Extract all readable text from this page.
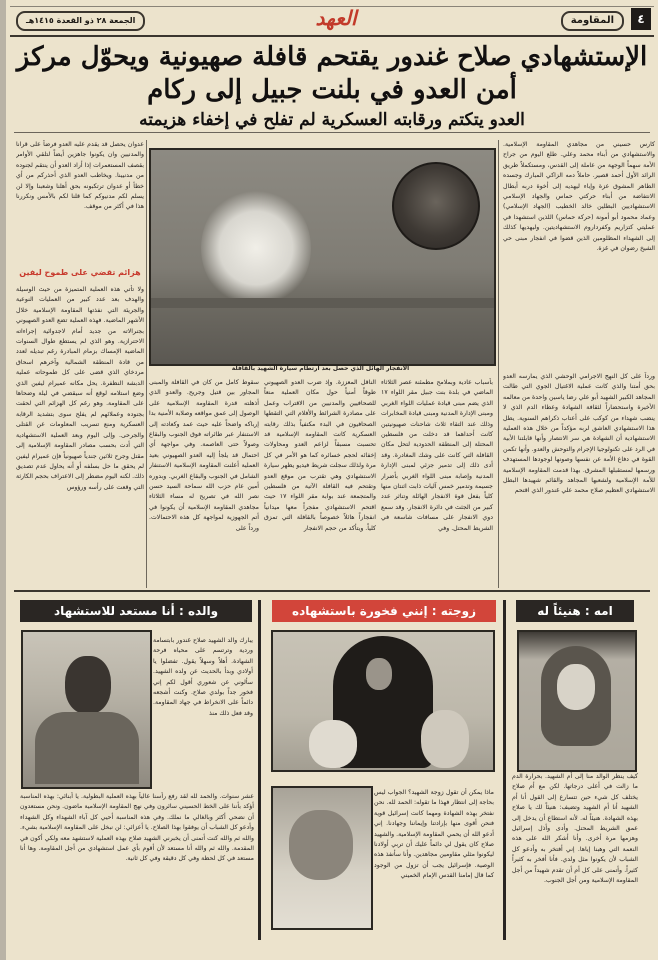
٤
المقاومة
العهد
الجمعة ٢٨ ذو القعدة ١٤١٥هـ
الإستشهادي صلاح غندور يقتحم قافلة صهيونية ويحوّل مركز
أمن العدو في بلنت جبيل إلى ركام
العدو يتكتم ورقابته العسكرية لم تفلح في إخفاء هزيمته
عدوان يحصل قد يقدم عليه العدو فرضاً على قرانا والمدنيين وان يكونوا جاهزين أيضاً لتلقي الأوامر بقصف المستعمرات إذا أراد العدو أن ينتقم لجنوده من مدنيينا. ويخاطب العدو الذي أحذركم من أي خطأ أو عدوان ترتكبونه بحق أهلنا وشعبنا وإلا لن يسلم لكم مدنيوكم كما قلنا لكم بالأمس ونكررنا هذا في أكثر من موقف.
هزائم تقضي على طموح ليفين
ولا تأتي هذه العملية المتميزة من حيث الوسيلة والهدف بعد عدد كبير من العمليات النوعية والجريئة التي نفذتها المقاومة الإسلامية خلال الأشهر الماضية. فهذه العملية تضع العدو الصهيوني بجنرالاته من جديد أمام لاجدوائية إجراءاته الاحترازية. وهو الذي لم يستطع طوال السنوات الماضية الإمساك بزمام المبادرة رغم تبديله لعدد من قادة المنطقة الشمالية وآخرهم اسحاق مردخاي الذي قضى على كل طموحاته عملية الدبشة النظفرة. يحل مكانه عميرام ليفين الذي وضع استلامه لوقع أنه سيقضي في ليلة وضحاها على المقاومة. وهو رغم كل الهزائم التي لحقت بجنوده وعملائهم لم يفلح سوى بتشديد الرقابة العسكرية ومنع تسريب المعلومات عن القتلى والجرحى. وإلى اليوم وبعد العملية الاستشهادية التي أدت بحسب مصادر المقاومة الإسلامية إلى مقتل وجرح ثلاثين جندياً صهيونياً فإن عميرام ليفين لم يحقق ما حل بسلفه أو أنه يحاول عدم تصديق ذلك. لكنه اليوم مضطر إلى الاعتراف بحجم الكارثة التي وقعت على رأسه ورؤوس
الانفجار الهائل الذي حصل بعد ارتطام سيارة الشهيد بالقافلة
كارس حسيني من مجاهدي المقاومة الإسلامية. والاستشهادي من أبناء محمد وعلي. طلع اليوم من جراح الأمة سهماً الوجهة من عاملة إلى القدس، ومستكملاً طريق الرائد الأول أحمد قصير. حاملاً دمه الزاكي المبارك وجسده الطاهر المشوق عزة وإباء ليهديه إلى أخوة دربه أبطال الانتفاضة من أبناء حركتي حماس والجهاد الإسلامي الاستشهاديين البطلين خالد الخطيب (الجهاد الإسلامي) وعماد محمود أبو أمونة (حركة حماس) اللذين استشهدا في عمليتي كتزاريم وكفرداروم الاستشهاديتين. وليهديها كذلك إلى الشهداء المظلومين الذين قضوا في انفجار مبنى حي الشيخ رضوان في غزة.
ورداً على كل النهج الاجرامي الوحشي الذي يمارسه العدو بحق أمتنا والذي كانت عملية الاغتيال الجوي التي طالت المجاهد الكبير الشهيد أبو علي رضا ياسين واحدة من معالمه الأخيرة واستحضاراً لثقافة الشهادة وعطاء الدم الذي لا ينضب شهداء من كوكب على أعتاب ذكراهم السنوية. يطل هذا الاستشهادي العاشق لربه مؤكداً من خلال هذه العملية الاستشهادية أن الشهادة هي سر الانتصار وأنها قابلتنا الأبية في الرد على تكنولوجيا الإجرام والتوحش والعدو. وأنها تكمن القوة في دفاع الأمة عن نفسها وصونها لوجودها المستهدف ورسمها لمستقبلها المشرق. بهذا قدمت المقاومة الإسلامية للأمة الإسلامية ولشعبها المجاهد والقائم شهيدها البطل الاستشهادي العظيم صلاح محمد علي غندور الذي اقتحم
بأسباب عادية وبملامح مطمئنة عصر الثلاثاء الماضي في بلدة بنت جبيل مقر اللواء ١٧ الذي يضم مبنى قيادة عمليات اللواء الغربي ومبنى الإدارة المدنية ومبنى قيادة المخابرات وذلك عند التقاء ثلاث شاحنات صهيونيتين كانت أحداهما قد دخلت من فلسطين المحتلة إلى المنطقة الحدودية لتحل مكان القافلة التي كانت على وشك المغادرة. وقد أدى ذلك إلى تدمير جزئي لمبنى الإدارة المدنية وإصابة مبنى اللواء الغربي بأضرار جسيمة وتدمير خمس آليات ذابت اثنتان منها كلياً بفعل قوة الانفجار الهائلة وتناثر عدد كبير من الجثث في دائرة الانفجار. وقد سمع دوي الانفجار على مسافات شاسعة في الشريط المحتل. وفي
الناقل المعززة. وإذ ضرب العدو الصهيوني طوقاً أمنياً حول مكان العملية منعاً للصحافيين والمدنيين من الاقتراب وعمل على مصادرة الشرائط والأفلام التي التقطها الصحافيون في البدء مكتفياً بذلك رقابته العسكرية كانت المقاومة الإسلامية قد تحسبت مسبقاً لزاعم العدو ومحاولات إخفائه لحجم خسائره كما هو الأمر في كل مرة ولذلك سجلت شريط فيديو يظهر سيارة الاستشهادي وهي تقترب من موقع العدو وتقتحم فيه القافلة الآتية من فلسطين والمتجمعة عند بوابة مقر اللواء ١٧ حيث اقتحم الاستشهادي مفجراً معها ميدانياً انفجاراً هائلاً خصوصاً بالقافلة التي تمزق كلياً. ويتأكد من حجم الانفجار
سقوط كامل من كان في القافلة والمبنى المجاور بين قتيل وجريح. والعدو الذي أذهلته قدرة المقاومة الإسلامية على الوصول إلى عمق مواقعه وصلابة الأمنية بدا إرباكه واضحاً عليه حيث عمد وكعادته إلى الاستنفار عبر طائراته فوق الجنوب والبقاع وصولاً حتى العاصمة. وفي مواجهة أي احتمال قد يلجأ إليه العدو الصهيوني بعيد العملية أعلنت المقاومة الإسلامية الاستنفار الشامل في الجنوب والبقاع الغربي. وبدوره أمين عام حزب الله سماحة السيد حسن نصر الله في تصريح له مساء الثلاثاء مجاهدي المقاومة الإسلامية أن يكونوا في أتم الجهوزية لمواجهة كل هذه الاحتمالات. ورداً على
والده : أنا مستعد للاستشهاد
يبارك والد الشهيد صلاح غندور بابتسامة وردية وترتسم على محياه فرحة الشهادة. أهلاً وسهلاً يقول. تفضلوا يا أولادي وبدأ بالحديث عن ولده الشهيد. سألوني عن شعوري أقول لكم إني فخور جداً بولدي صلاح. وكنت أشجعه دائماً على الانخراط في جهاد المقاومة. وقد فعل ذلك منذ
عشر سنوات. والحمد لله لقد رفع رأسنا عالياً بهذه العملية البطولية. يا أبنائي: بهذه المناسبة أؤكد بأننا على الخط الحسيني سائرون وفي نهج المقاومة الإسلامية ماضون. ونحن مستعدون أن نضحي أكثر وبالغالي ما نملك. وفي هذه المناسبة أحيي كل آباء الشهداء وكل الشهداء وأدعو كل الشباب أن يوفقوا بهذا الصلاح. يا أعزائي: لن نبخل على المقاومة الإسلامية بشيء. والله ثم والله كنت أتمنى أن يخبرني الشهيد صلاح بهذه العملية لاستشهد معه ولكي أكون في المقدمة. والله ثم والله أنا مستعد لأن أقوم بأي عمل استشهادي من أجل المقاومة. وها أنا مستعد في كل لحظة وفي كل دقيقة وفي كل ثانية.
زوجته : إنني فخورة باستشهاده
ماذا يمكن أن تقول زوجة الشهيد؟ الجواب ليس بحاجة إلى انتظار فهذا ما تقوله: الحمد لله. نحن نفتخر بهذه الشهادة ومهما كانت إسرائيل قوية فنحن أقوى منها بإرادتنا وإيماننا وجهادنا. إني أدعو الله أن يحمي المقاومة الإسلامية. والشهيد صلاح كان يقول لي دائماً عليك أن تربي أولادنا ليكونوا مثلي مقاومين مجاهدين. وأنا سأنفذ هذه الوصية. فإسرائيل يجب أن تزول من الوجود كما قال إمامنا القدس الإمام الخميني
امه : هنيئاً له
كيف ينظر الوالد منا إلى أم الشهيد. بحرارة الدم ما زالت في أعلى درجاتها. لكن مع أم صلاح يختلف كل شيء حين تتسارع إلى القول أنا أم الشهيد أنا أم الشهيد وتضيف: هنيئاً لك يا صلاح بهذه الشهادة. هنيئاً له. لأنه استطاع أن يدخل إلى عمق الشريط المحتل. وأدى وأذل إسرائيل وهزمها مرة أخرى. وأنا أشكر الله على هذه النعمة التي وهبنا إياها. إني أفتخر به وأدعو كل الشباب لأن يكونوا مثل ولدي. فأنا أفخر به كثيراً كثيراً. وأتمنى على كل أم أن تقدم شهيداً من أجل المقاومة الإسلامية ومن أجل الجنوب.
